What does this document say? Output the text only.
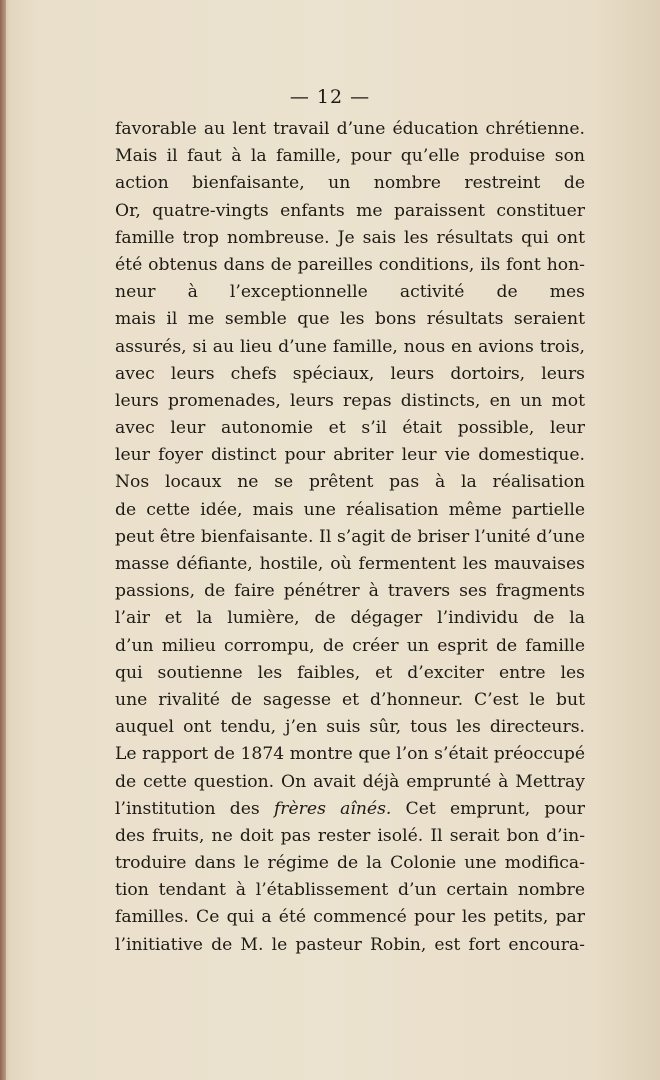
— 12 —
favorable au lent travail d’une éducation chrétienne.
Mais il faut à la famille, pour qu’elle produise son
action bienfaisante, un nombre restreint de
Or, quatre-vingts enfants me paraissent constituer
famille trop nombreuse. Je sais les résultats qui ont
été obtenus dans de pareilles conditions, ils font hon-
neur à l’exceptionnelle activité de mes
mais il me semble que les bons résultats seraient
assurés, si au lieu d’une famille, nous en avions trois,
avec leurs chefs spéciaux, leurs dortoirs, leurs
leurs promenades, leurs repas distincts, en un mot
avec leur autonomie et s’il était possible, leur
leur foyer distinct pour abriter leur vie domestique.
Nos locaux ne se prêtent pas à la réalisation
de cette idée, mais une réalisation même partielle
peut être bienfaisante. Il s’agit de briser l’unité d’une
masse défiante, hostile, où fermentent les mauvaises
passions, de faire pénétrer à travers ses fragments
l’air et la lumière, de dégager l’individu de la
d’un milieu corrompu, de créer un esprit de famille
qui soutienne les faibles, et d’exciter entre les
une rivalité de sagesse et d’honneur. C’est le but
auquel ont tendu, j’en suis sûr, tous les directeurs.
Le rapport de 1874 montre que l’on s’était préoccupé
de cette question. On avait déjà emprunté à Mettray
l’institution des frères aînés. Cet emprunt, pour
des fruits, ne doit pas rester isolé. Il serait bon d’in-
troduire dans le régime de la Colonie une modifica-
tion tendant à l’établissement d’un certain nombre
familles. Ce qui a été commencé pour les petits, par
l’initiative de M. le pasteur Robin, est fort encoura-
